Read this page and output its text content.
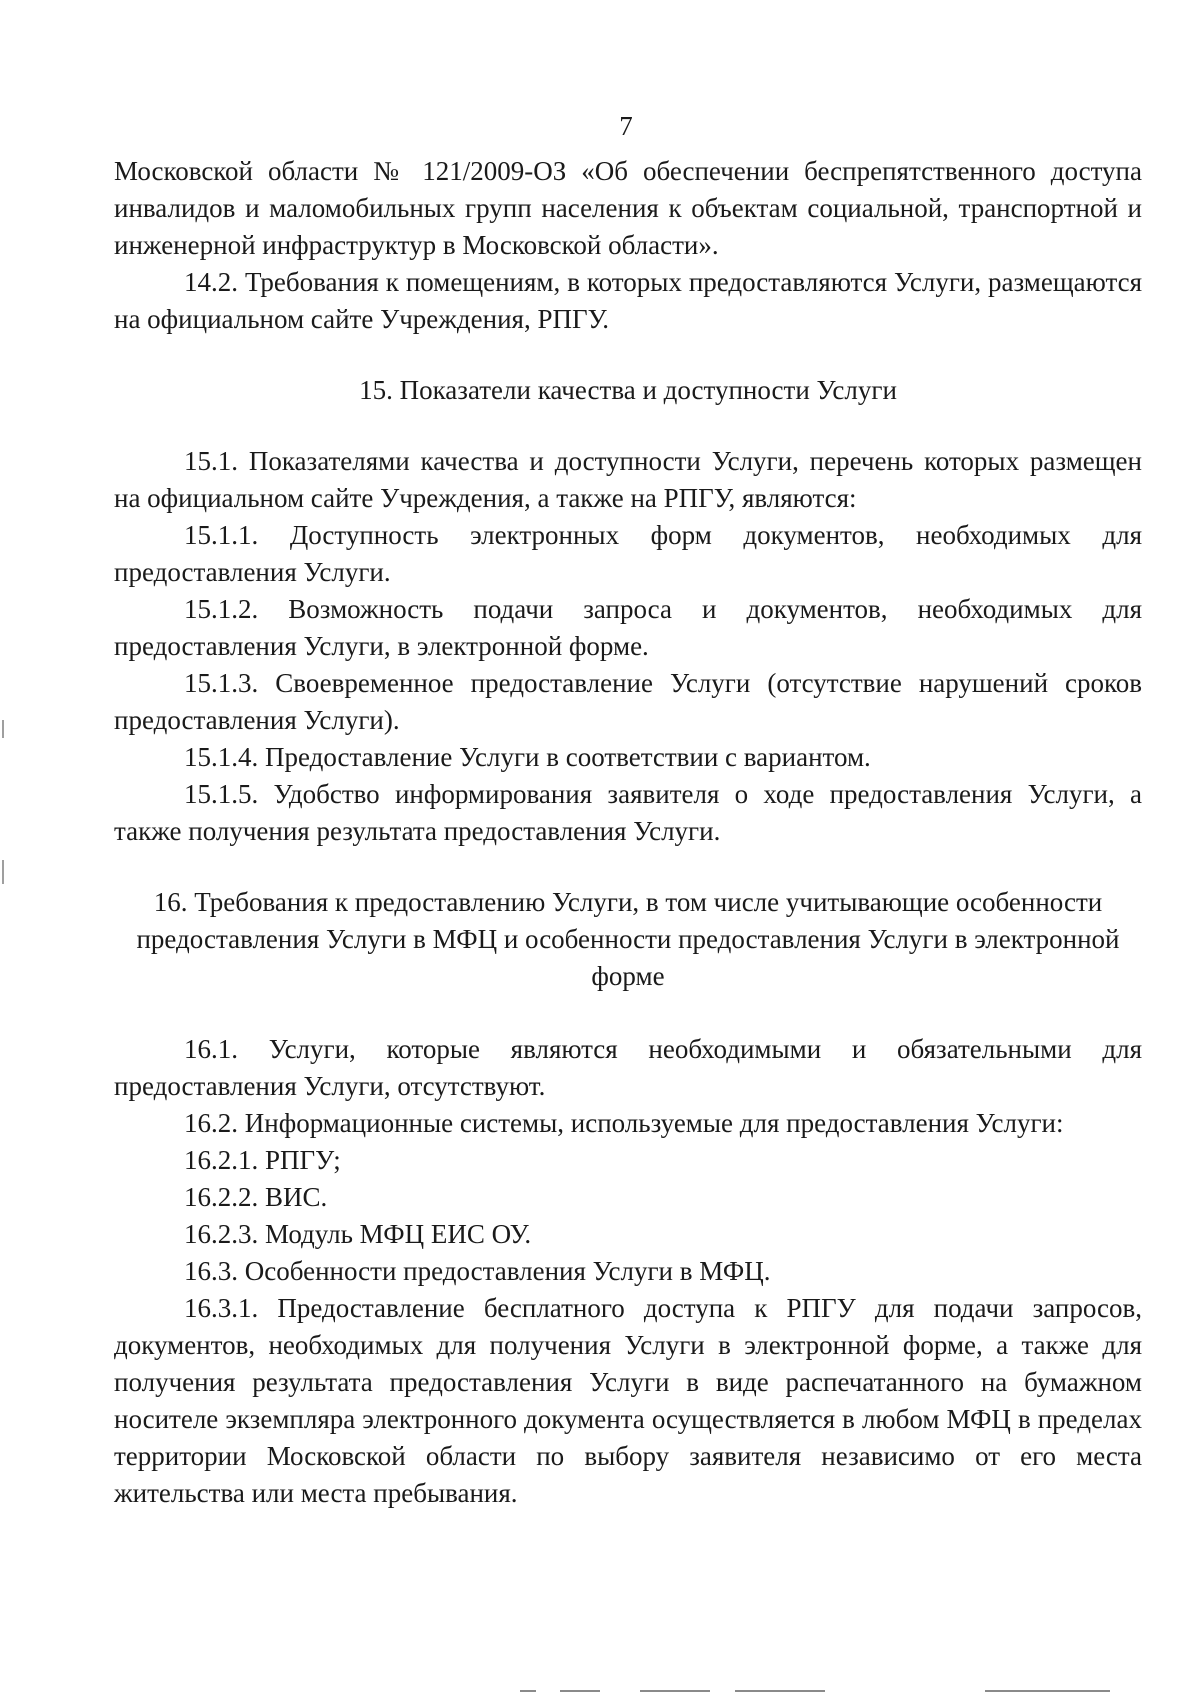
7

Московской области № 121/2009-ОЗ «Об обеспечении беспрепятственного доступа инвалидов и маломобильных групп населения к объектам социальной, транспортной и инженерной инфраструктур в Московской области».

14.2. Требования к помещениям, в которых предоставляются Услуги, размещаются на официальном сайте Учреждения, РПГУ.

15. Показатели качества и доступности Услуги

15.1. Показателями качества и доступности Услуги, перечень которых размещен на официальном сайте Учреждения, а также на РПГУ, являются:

15.1.1. Доступность электронных форм документов, необходимых для предоставления Услуги.

15.1.2. Возможность подачи запроса и документов, необходимых для предоставления Услуги, в электронной форме.

15.1.3. Своевременное предоставление Услуги (отсутствие нарушений сроков предоставления Услуги).

15.1.4. Предоставление Услуги в соответствии с вариантом.

15.1.5. Удобство информирования заявителя о ходе предоставления Услуги, а также получения результата предоставления Услуги.

16. Требования к предоставлению Услуги, в том числе учитывающие особенности предоставления Услуги в МФЦ и особенности предоставления Услуги в электронной форме

16.1. Услуги, которые являются необходимыми и обязательными для предоставления Услуги, отсутствуют.

16.2. Информационные системы, используемые для предоставления Услуги:

16.2.1. РПГУ;

16.2.2. ВИС.

16.2.3. Модуль МФЦ ЕИС ОУ.

16.3. Особенности предоставления Услуги в МФЦ.

16.3.1. Предоставление бесплатного доступа к РПГУ для подачи запросов, документов, необходимых для получения Услуги в электронной форме, а также для получения результата предоставления Услуги в виде распечатанного на бумажном носителе экземпляра электронного документа осуществляется в любом МФЦ в пределах территории Московской области по выбору заявителя независимо от его места жительства или места пребывания.
